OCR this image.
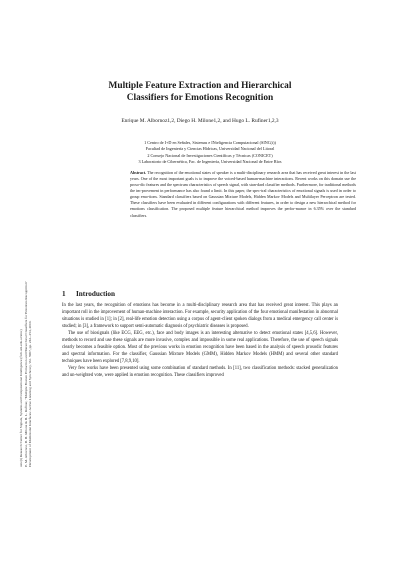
sinc(i) Research Center for Signals, Systems and Computational Intelligence (fich.unl.edu.ar/sinc) E. M. Albornoz, D. H. Milone & H. L. Rufiner, "Multiple Feature Extraction and Hierarchical Classifiers for Emotions Recognition" Development of Multimodal Interfaces: Active Listening and Synchrony, Vol. 5967, pp. 242--254, 2010.
Multiple Feature Extraction and Hierarchical
Classifiers for Emotions Recognition
Enrique M. Albornoz1,2, Diego H. Milone1,2, and Hugo L. Rufiner1,2,3
1 Centro de I+D en Señales, Sistemas e INteligencia Computacional (SINC(i))
Facultad de Ingeniería y Ciencias Hídricas, Universidad Nacional del Litoral
2 Consejo Nacional de Investigaciones Científicas y Técnicas (CONICET)
3 Laboratorio de Cibernética, Fac. de Ingeniería, Universidad Nacional de Entre Ríos
Abstract. The recognition of the emotional states of speaker is a multi-disciplinary research area that has received great interest in the last years. One of the most important goals is to improve the voiced-based human-machine interactions. Recent works on this domain use the proso-dic features and the spectrum characteristics of speech signal, with stan-dard classifier methods. Furthermore, for traditional methods the im-provement in performance has also found a limit. In this paper, the spec-tral characteristics of emotional signals is used in order to group emo-tions. Standard classifiers based on Gaussian Mixture Models, Hidden Markov Models and Multilayer Perceptron are tested. These classifiers have been evaluated in different configurations with different features, in order to design a new hierarchical method for emotions classification. The proposed multiple feature hierarchical method improves the perfor-mance in 6.35% over the standard classifiers.
1 Introduction

In the last years, the recognition of emotions has become in a multi-disciplinary research area that has received great interest. This plays an important roll in the improvement of human-machine interaction. For example, security application of the four emotional manifestation in abnormal situations is studied in [1]; in [2], real-life emotion detection using a corpus of agent-client spoken dialogs from a medical emergency call center is studied; in [3], a framework to support semi-automatic diagnosis of psychiatric diseases is proposed.

The use of biosignals (like ECG, EEG, etc.), face and body images is an interesting alternative to detect emotional states [4,5,6]. However, methods to record and use these signals are more invasive, complex and impossible in some real applications. Therefore, the use of speech signals clearly becomes a feasible option. Most of the previous works in emotion recognition have been based in the analysis of speech prosodic features and spectral information. For the classifier, Gaussian Mixture Models (GMM), Hidden Markov Models (HMM) and several other standard techniques have been explored [7,8,9,10].

Very few works have been presented using some combination of standard methods. In [11], two classification methods: stacked generalization and un-weighted vote, were applied in emotion recognition. These classifiers improved
